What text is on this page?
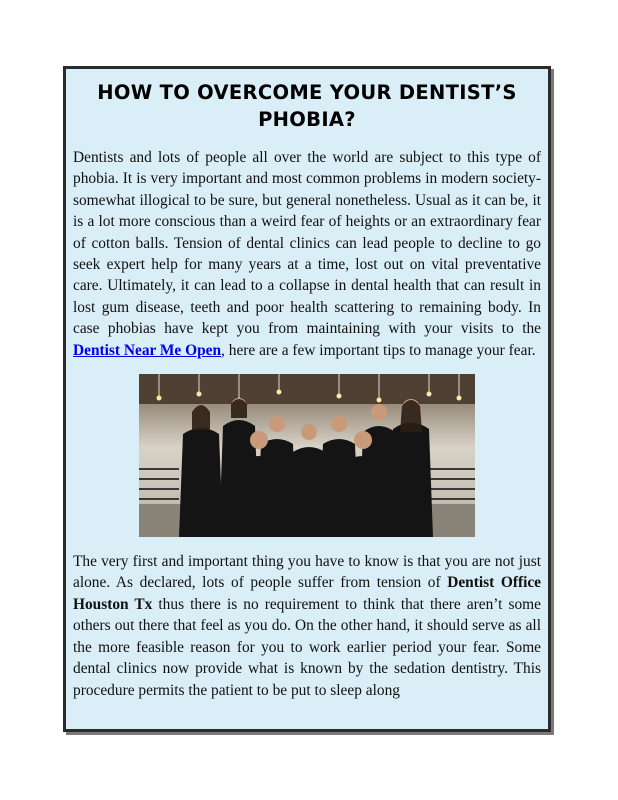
HOW TO OVERCOME YOUR DENTIST’S PHOBIA?

Dentists and lots of people all over the world are subject to this type of phobia. It is very important and most common problems in modern society-somewhat illogical to be sure, but general nonetheless. Usual as it can be, it is a lot more conscious than a weird fear of heights or an extraordinary fear of cotton balls. Tension of dental clinics can lead people to decline to go seek expert help for many years at a time, lost out on vital preventative care. Ultimately, it can lead to a collapse in dental health that can result in lost gum disease, teeth and poor health scattering to remaining body. In case phobias have kept you from maintaining with your visits to the Dentist Near Me Open, here are a few important tips to manage your fear.

The very first and important thing you have to know is that you are not just alone. As declared, lots of people suffer from tension of Dentist Office Houston Tx thus there is no requirement to think that there aren’t some others out there that feel as you do. On the other hand, it should serve as all the more feasible reason for you to work earlier period your fear. Some dental clinics now provide what is known by the sedation dentistry. This procedure permits the patient to be put to sleep along
